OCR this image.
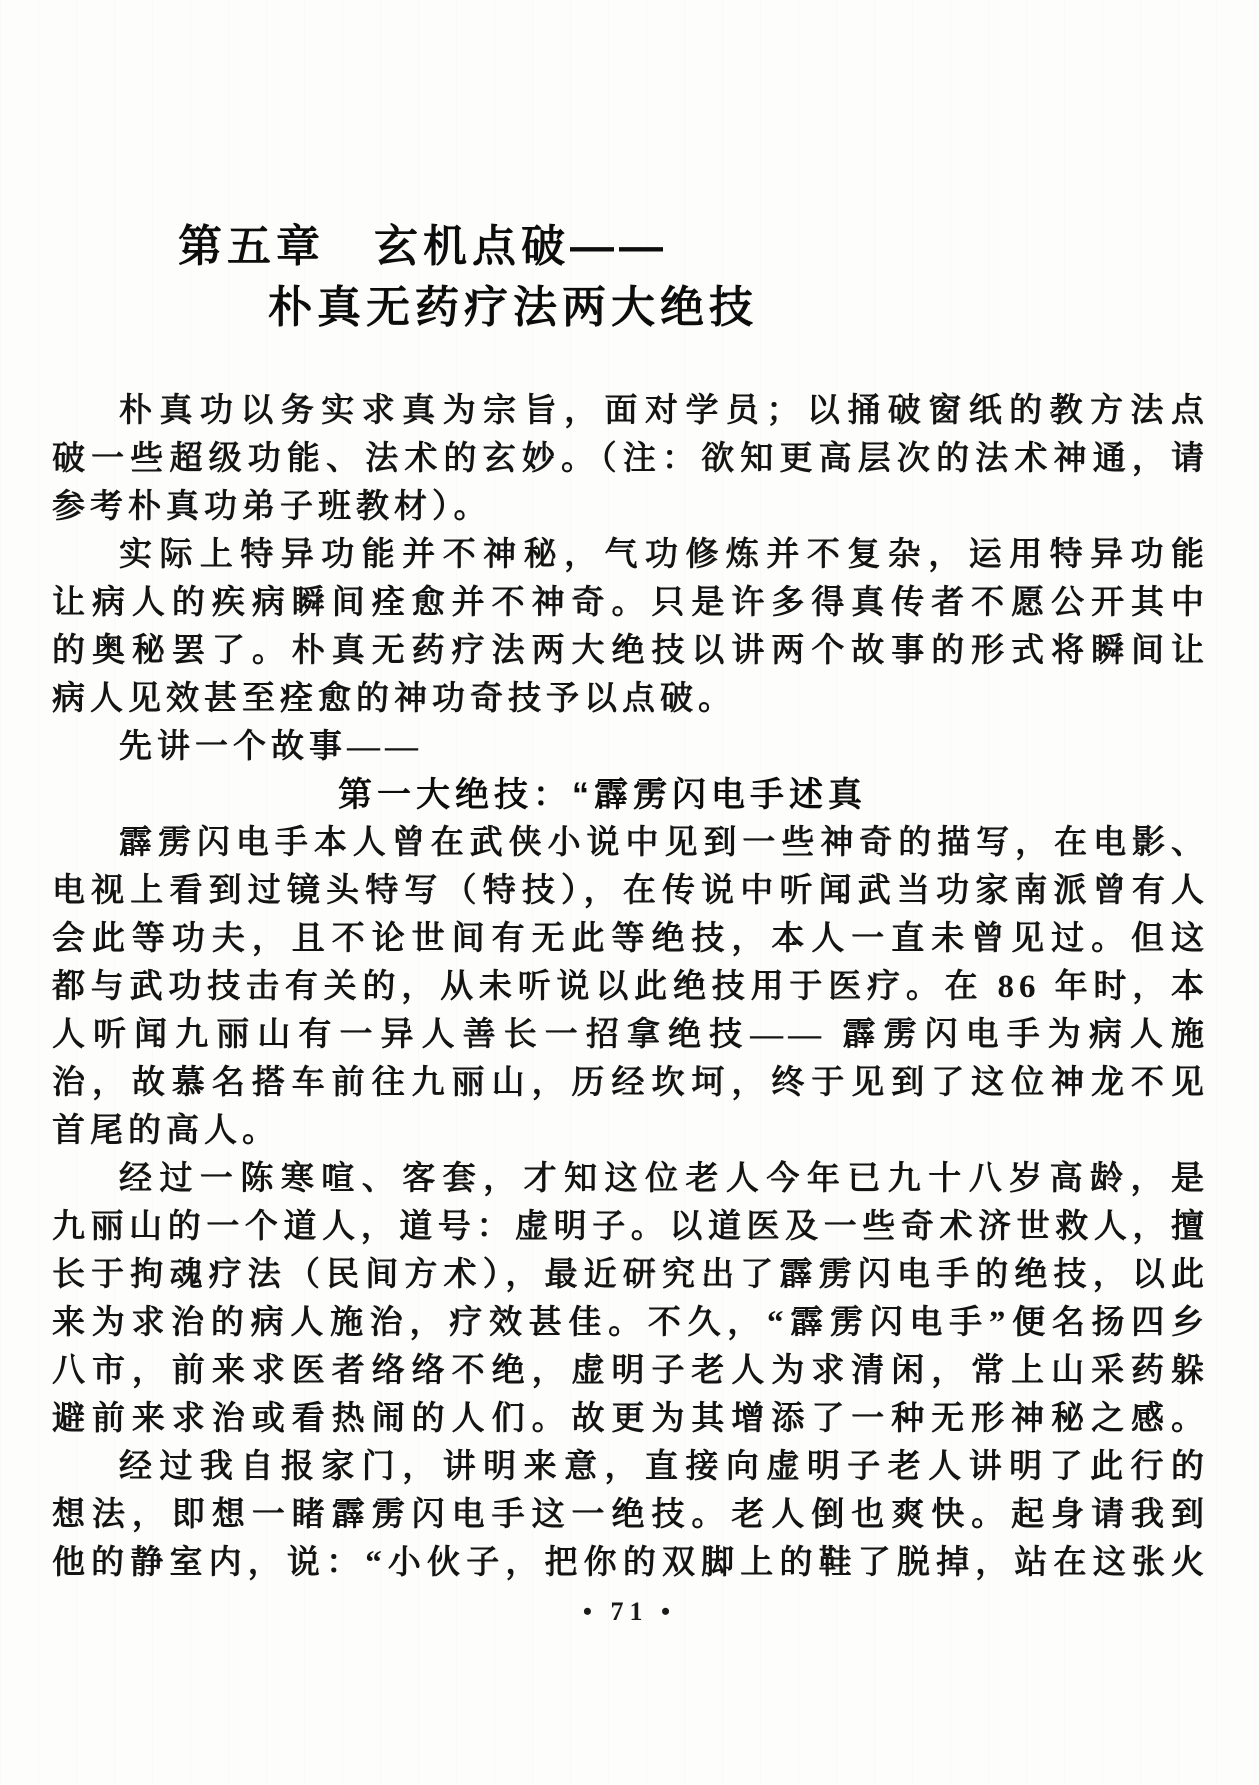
第五章　玄机点破——
朴真无药疗法两大绝技
朴真功以务实求真为宗旨，面对学员；以捅破窗纸的教方法点
破一些超级功能、法术的玄妙。（注：欲知更高层次的法术神通，请
参考朴真功弟子班教材）。
实际上特异功能并不神秘，气功修炼并不复杂，运用特异功能
让病人的疾病瞬间痊愈并不神奇。只是许多得真传者不愿公开其中
的奥秘罢了。朴真无药疗法两大绝技以讲两个故事的形式将瞬间让
病人见效甚至痊愈的神功奇技予以点破。
先讲一个故事——
第一大绝技：“霹雳闪电手述真
霹雳闪电手本人曾在武侠小说中见到一些神奇的描写，在电影、
电视上看到过镜头特写（特技），在传说中听闻武当功家南派曾有人
会此等功夫，且不论世间有无此等绝技，本人一直未曾见过。但这
都与武功技击有关的，从未听说以此绝技用于医疗。在 86 年时，本
人听闻九丽山有一异人善长一招拿绝技—— 霹雳闪电手为病人施
治，故慕名搭车前往九丽山，历经坎坷，终于见到了这位神龙不见
首尾的高人。
经过一陈寒喧、客套，才知这位老人今年已九十八岁高龄，是
九丽山的一个道人，道号：虚明子。以道医及一些奇术济世救人，擅
长于拘魂疗法（民间方术），最近研究出了霹雳闪电手的绝技，以此
来为求治的病人施治，疗效甚佳。不久，“霹雳闪电手”便名扬四乡
八市，前来求医者络络不绝，虚明子老人为求清闲，常上山采药躲
避前来求治或看热闹的人们。故更为其增添了一种无形神秘之感。
经过我自报家门，讲明来意，直接向虚明子老人讲明了此行的
想法，即想一睹霹雳闪电手这一绝技。老人倒也爽快。起身请我到
他的静室内，说：“小伙子，把你的双脚上的鞋了脱掉，站在这张火
• 71 •
